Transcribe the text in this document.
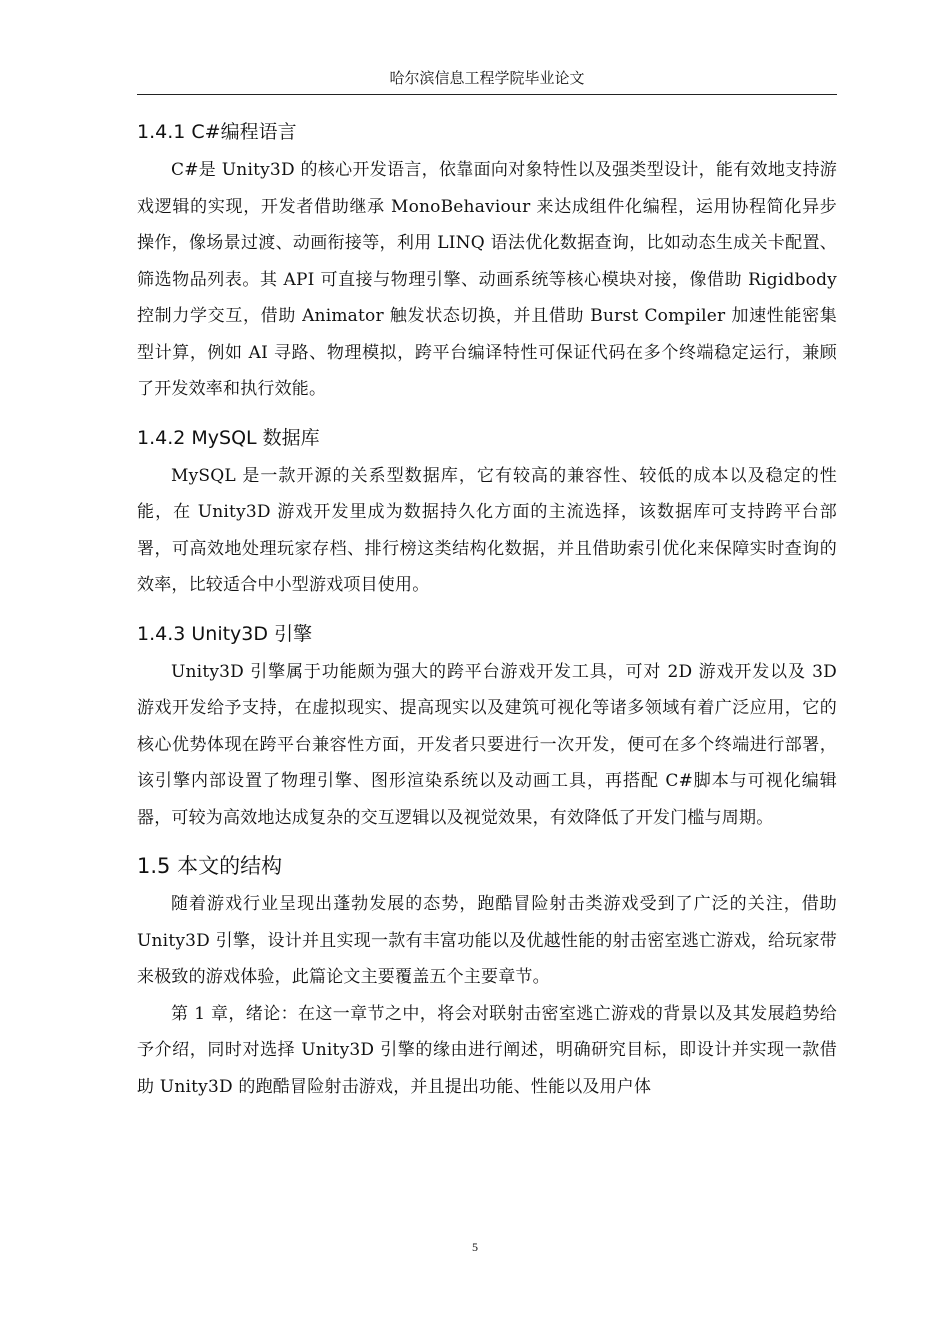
哈尔滨信息工程学院毕业论文
1.4.1 C#编程语言

C#是 Unity3D 的核心开发语言，依靠面向对象特性以及强类型设计，能有效地支持游戏逻辑的实现，开发者借助继承 MonoBehaviour 来达成组件化编程，运用协程简化异步操作，像场景过渡、动画衔接等，利用 LINQ 语法优化数据查询，比如动态生成关卡配置、筛选物品列表。其 API 可直接与物理引擎、动画系统等核心模块对接，像借助 Rigidbody 控制力学交互，借助 Animator 触发状态切换，并且借助 Burst Compiler 加速性能密集型计算，例如 AI 寻路、物理模拟，跨平台编译特性可保证代码在多个终端稳定运行，兼顾了开发效率和执行效能。

1.4.2 MySQL 数据库

MySQL 是一款开源的关系型数据库，它有较高的兼容性、较低的成本以及稳定的性能，在 Unity3D 游戏开发里成为数据持久化方面的主流选择，该数据库可支持跨平台部署，可高效地处理玩家存档、排行榜这类结构化数据，并且借助索引优化来保障实时查询的效率，比较适合中小型游戏项目使用。

1.4.3 Unity3D 引擎

Unity3D 引擎属于功能颇为强大的跨平台游戏开发工具，可对 2D 游戏开发以及 3D 游戏开发给予支持，在虚拟现实、提高现实以及建筑可视化等诸多领域有着广泛应用，它的核心优势体现在跨平台兼容性方面，开发者只要进行一次开发，便可在多个终端进行部署，该引擎内部设置了物理引擎、图形渲染系统以及动画工具，再搭配 C#脚本与可视化编辑器，可较为高效地达成复杂的交互逻辑以及视觉效果，有效降低了开发门槛与周期。

1.5 本文的结构

随着游戏行业呈现出蓬勃发展的态势，跑酷冒险射击类游戏受到了广泛的关注，借助 Unity3D 引擎，设计并且实现一款有丰富功能以及优越性能的射击密室逃亡游戏，给玩家带来极致的游戏体验，此篇论文主要覆盖五个主要章节。

第 1 章，绪论：在这一章节之中，将会对联射击密室逃亡游戏的背景以及其发展趋势给予介绍，同时对选择 Unity3D 引擎的缘由进行阐述，明确研究目标，即设计并实现一款借助 Unity3D 的跑酷冒险射击游戏，并且提出功能、性能以及用户体

5
